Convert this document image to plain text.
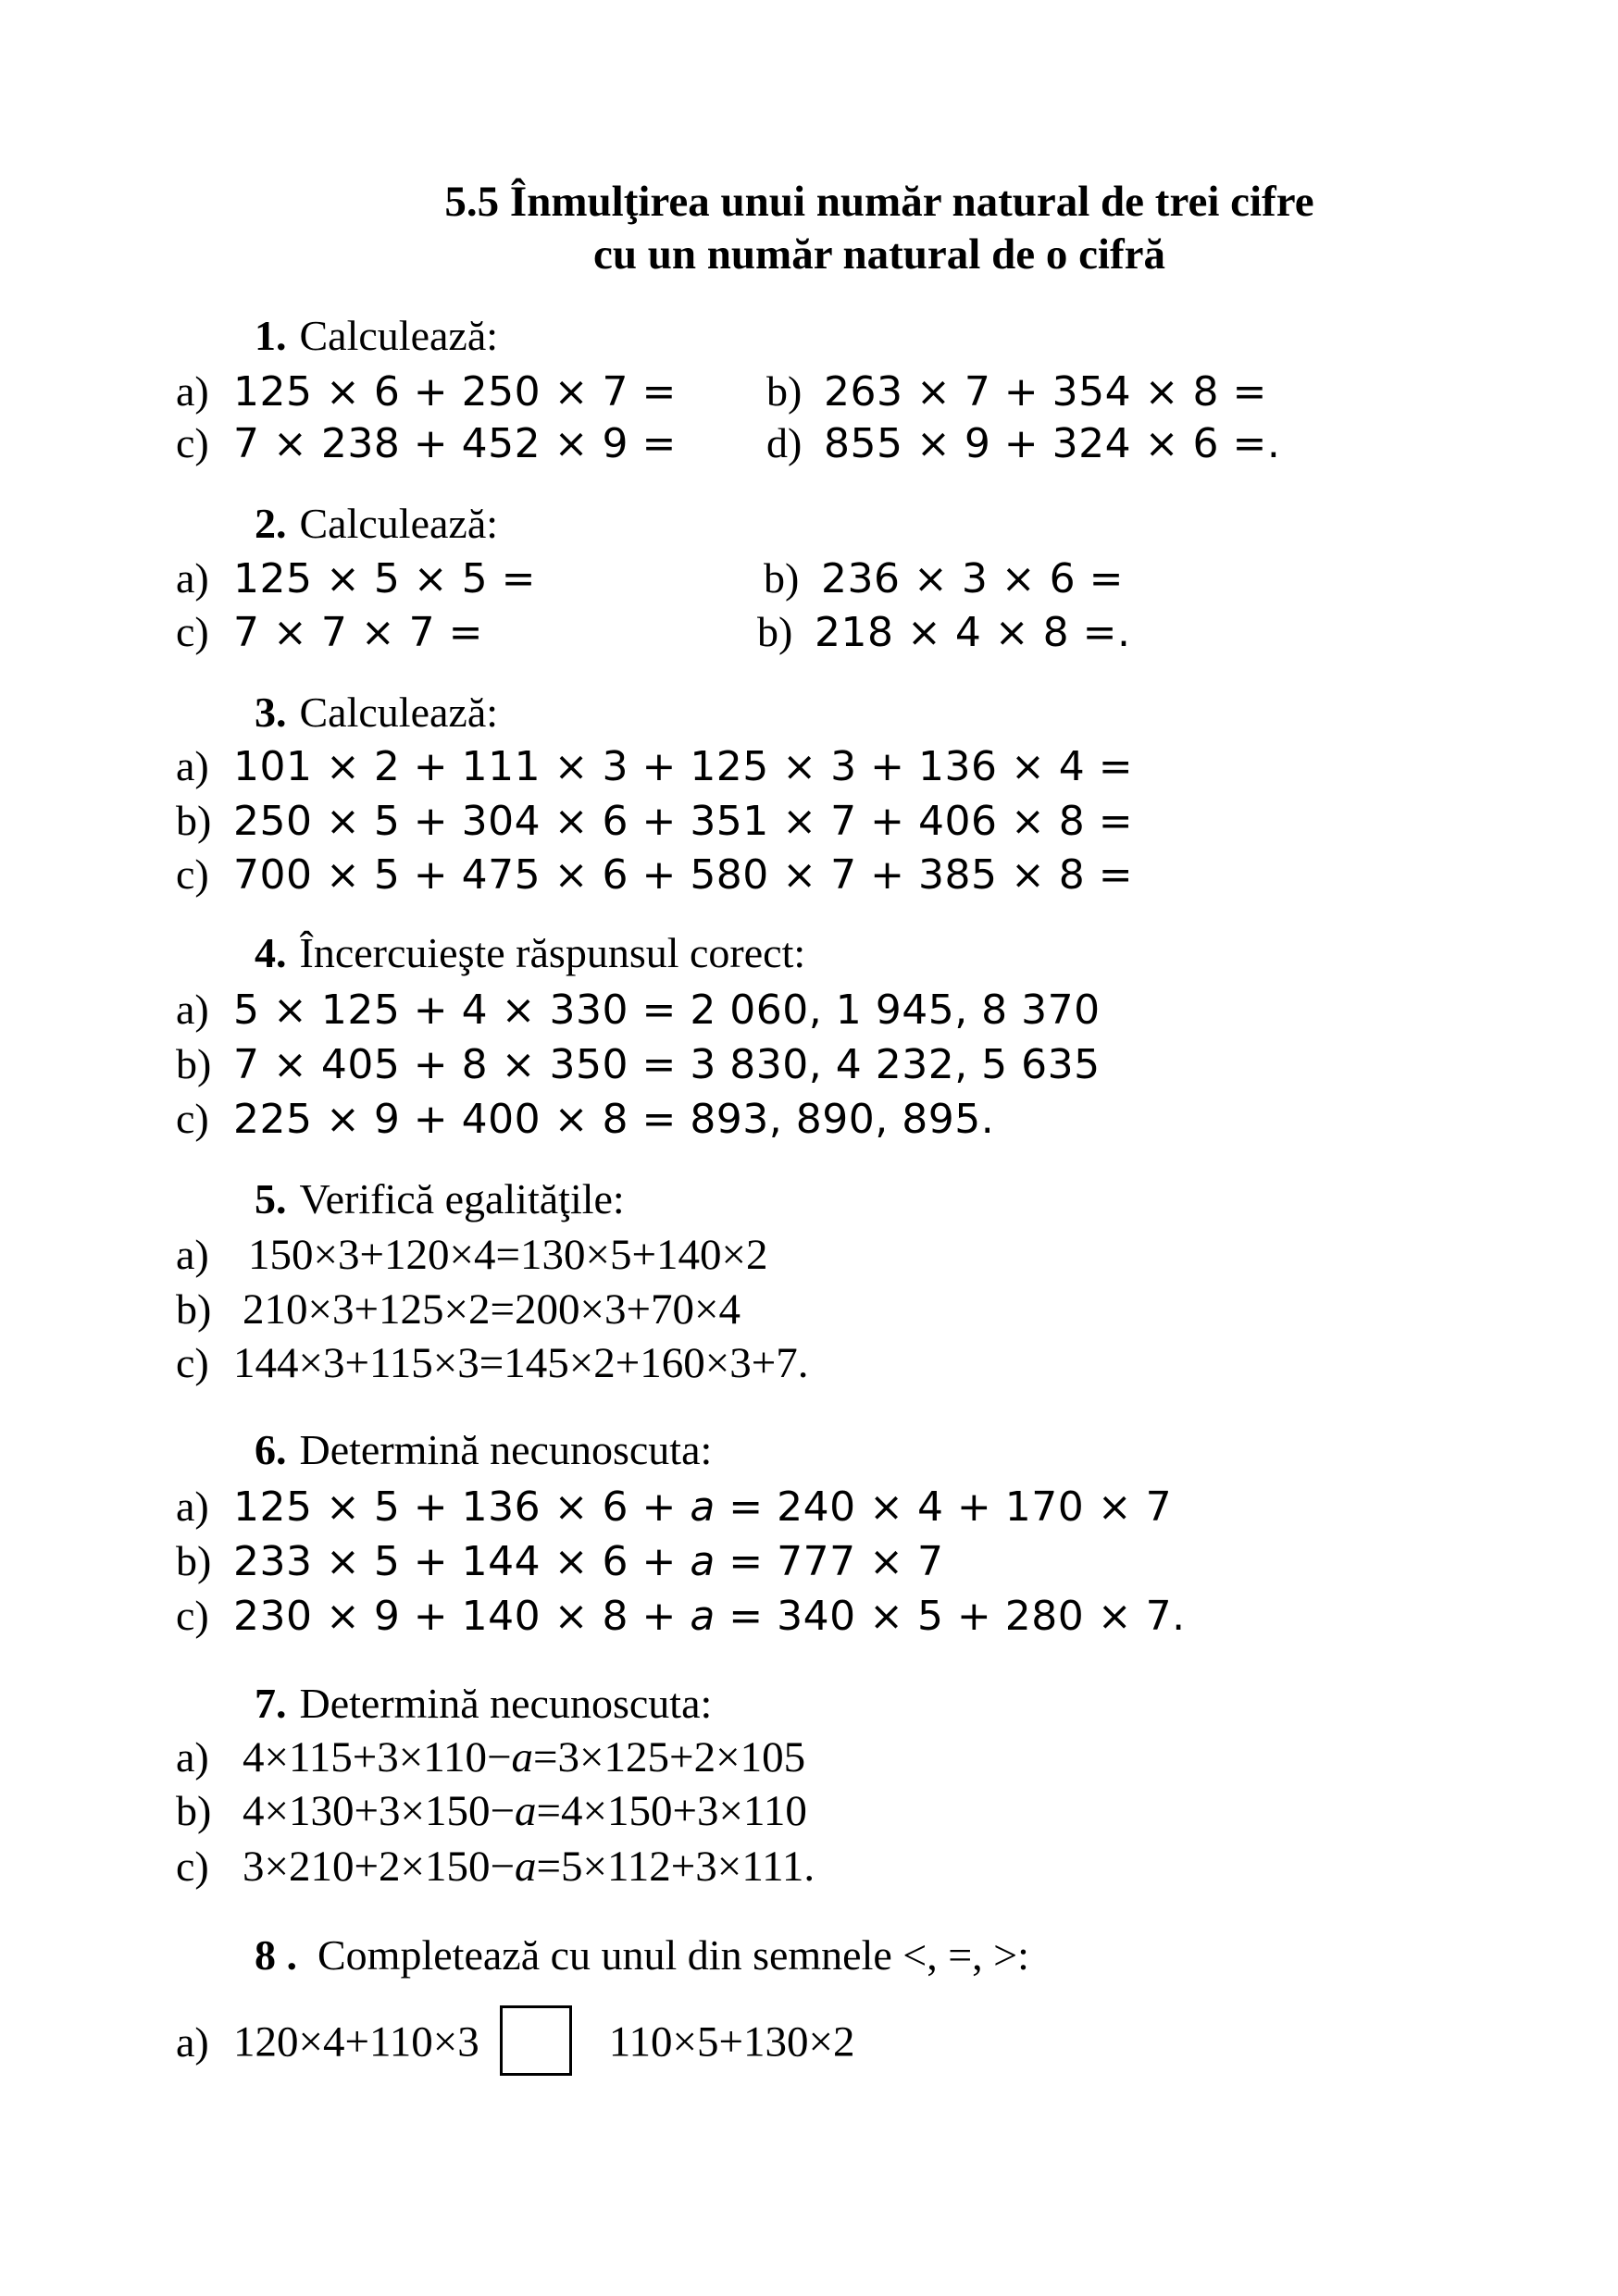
5.5 Înmulţirea unui număr natural de trei cifre
cu un număr natural de o cifră
1. Calculează:
a) 125 × 6 + 250 × 7 = b) 263 × 7 + 354 × 8 =
c) 7 × 238 + 452 × 9 = d) 855 × 9 + 324 × 6 =.
2. Calculează:
a) 125 × 5 × 5 =	b) 236 × 3 × 6 =
c) 7 × 7 × 7 =	b) 218 × 4 × 8 =.
3. Calculează:
a) 101 × 2 + 111 × 3 + 125 × 3 + 136 × 4 =
b) 250 × 5 + 304 × 6 + 351 × 7 + 406 × 8 =
c) 700 × 5 + 475 × 6 + 580 × 7 + 385 × 8 =
4. Încercuieşte răspunsul corect:
a) 5 × 125 + 4 × 330 = 2 060, 1 945, 8 370
b) 7 × 405 + 8 × 350 = 3 830, 4 232, 5 635
c) 225 × 9 + 400 × 8 = 893, 890, 895.
5. Verifică egalităţile:
a) 150×3+120×4=130×5+140×2
b) 210×3+125×2=200×3+70×4
c) 144×3+115×3=145×2+160×3+7.
6. Determină necunoscuta:
a) 125 × 5 + 136 × 6 + a = 240 × 4 + 170 × 7
b) 233 × 5 + 144 × 6 + a = 777 × 7
c) 230 × 9 + 140 × 8 + a = 340 × 5 + 280 × 7.
7. Determină necunoscuta:
a) 4×115+3×110−a=3×125+2×105
b) 4×130+3×150−a=4×150+3×110
c) 3×210+2×150−a=5×112+3×111.
8 . Completează cu unul din semnele <, =, >:
a) 120×4+110×3	110×5+130×2
